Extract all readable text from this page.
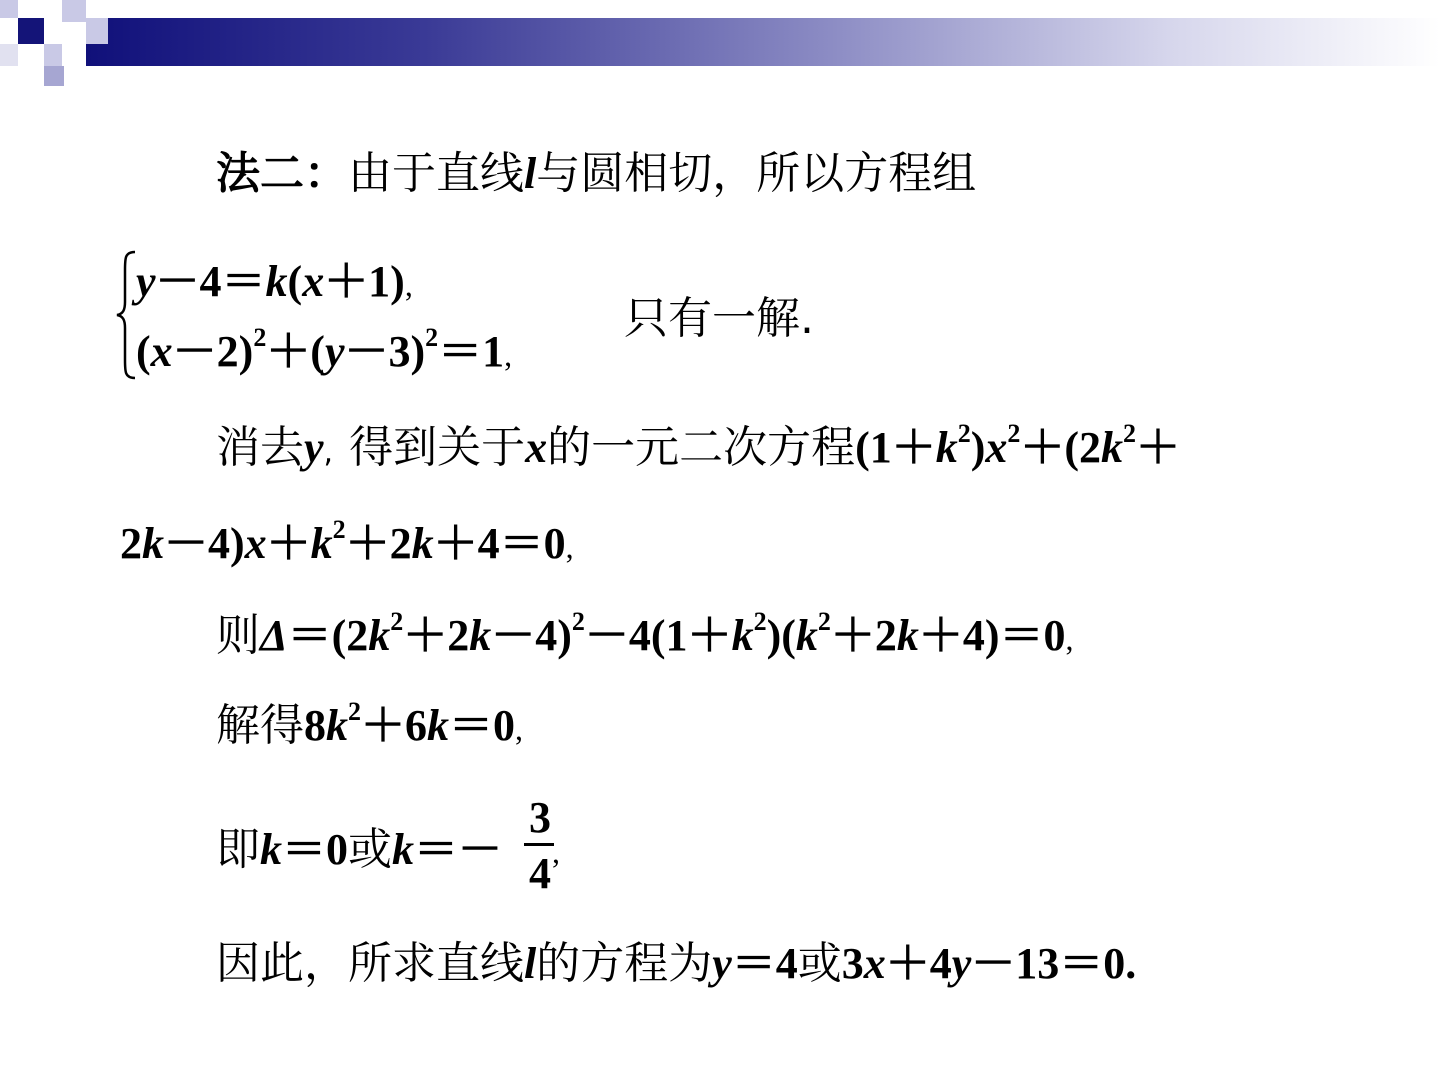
法二：由于直线l与圆相切，所以方程组
y－4＝k(x＋1),
$(x-2)^2+(y-3)^2=1$,
只有一解.
消去y, 得到关于x的一元二次方程$(1+k^2)x^2+(2k^2+$
$2k-4)x+k^2+2k+4=0$,
则$\Delta=(2k^2+2k-4)^2-4(1+k^2)(k^2+2k+4)=0$,
解得$8k^2+6k=0$,
即k＝0或k＝－
3
4 ,
因此，所求直线l的方程为y＝4或3x＋4y－13＝0.
